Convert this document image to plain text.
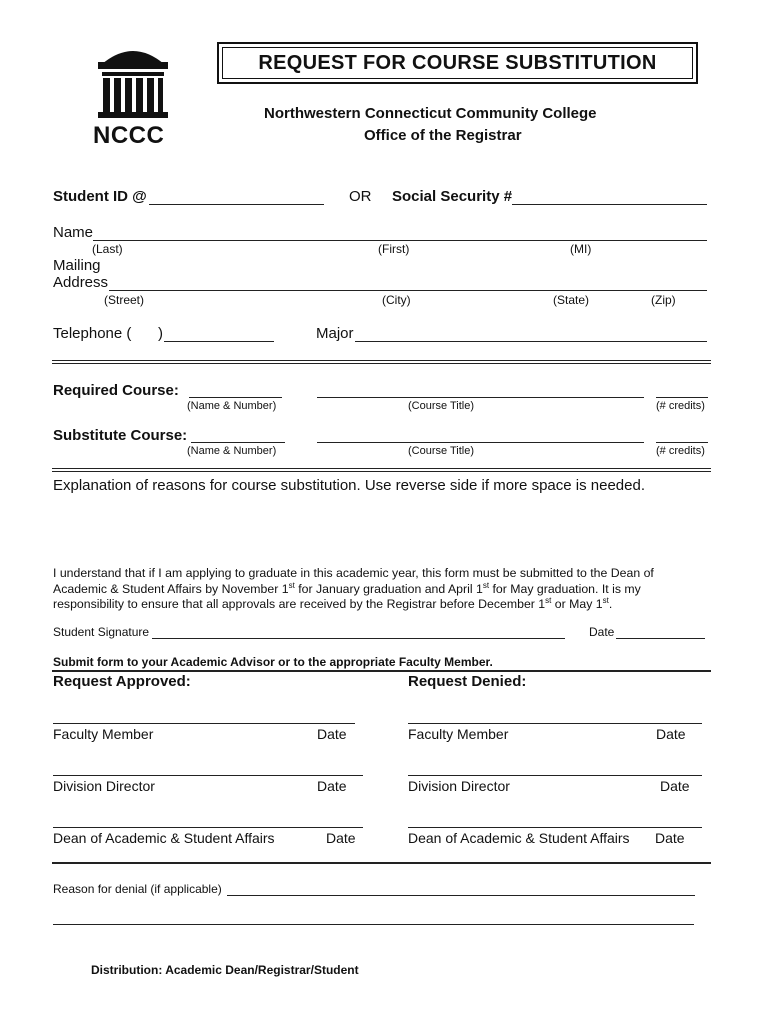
NCCC
REQUEST FOR COURSE SUBSTITUTION
Northwestern Connecticut Community College
Office of the Registrar
Student ID @	OR Social Security #
Name
(Last)	(First)	(MI)
Mailing
Address
(Street)	(City)	(State)	(Zip)
Telephone ( )	Major
Required Course:
(Name & Number)	(Course Title)	(# credits)
Substitute Course:
(Name & Number)	(Course Title)	(# credits)
Explanation of reasons for course substitution. Use reverse side if more space is needed.
I understand that if I am applying to graduate in this academic year, this form must be submitted to the Dean of
Academic & Student Affairs by November 1st for January graduation and April 1st for May graduation. It is my
responsibility to ensure that all approvals are received by the Registrar before December 1st or May 1st.
Student Signature	Date
Submit form to your Academic Advisor or to the appropriate Faculty Member.
Request Approved:	Request Denied:
Faculty Member	Date	Faculty Member	Date
Division Director	Date	Division Director	Date
Dean of Academic & Student Affairs	Date	Dean of Academic & Student Affairs Date
Reason for denial (if applicable)
Distribution: Academic Dean/Registrar/Student
